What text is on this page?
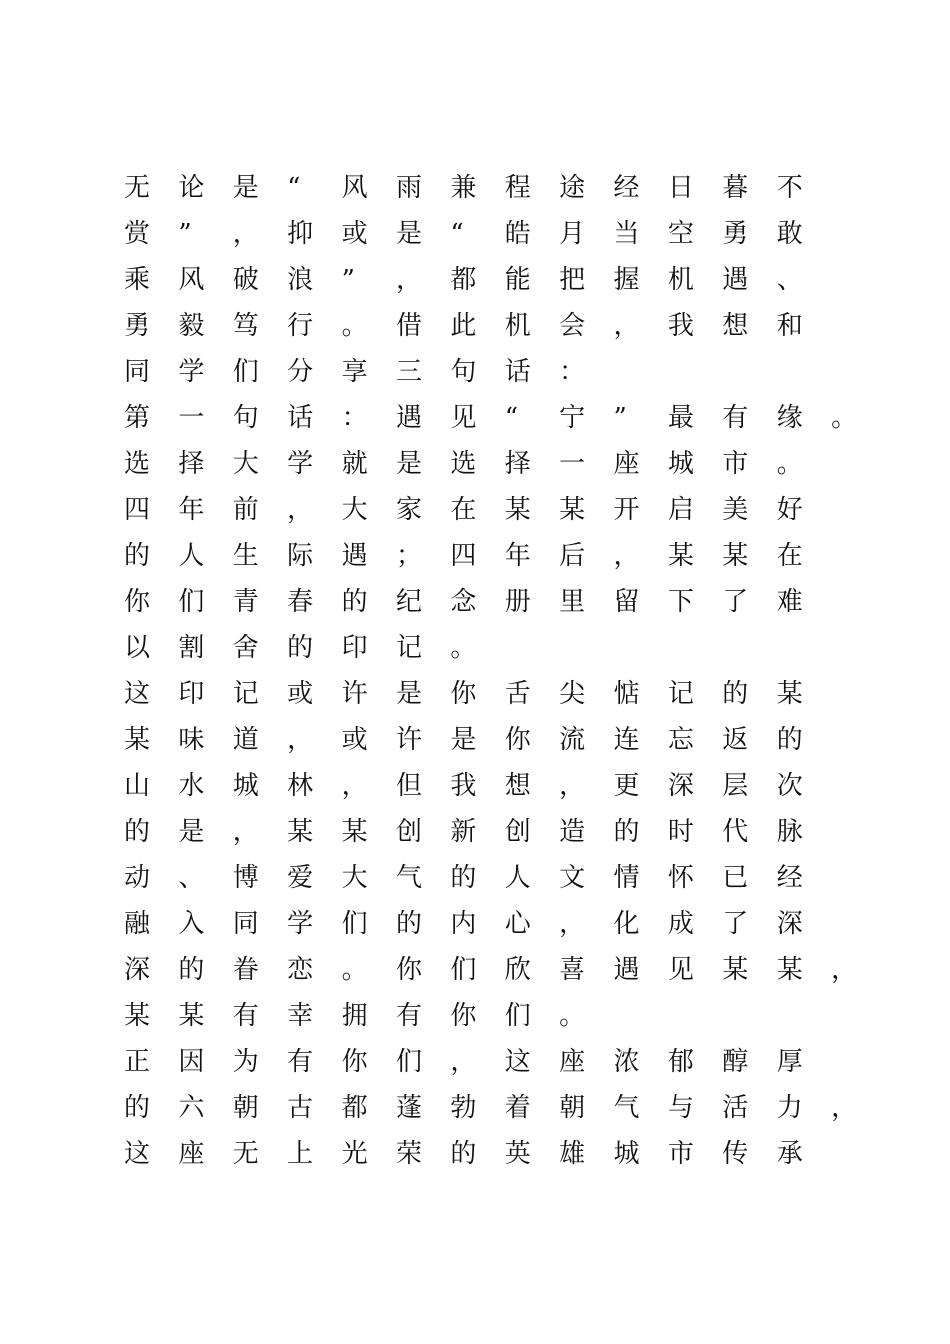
无	论	是	“	风	雨	兼	程	途	经	日	暮	不
赏	”	，	抑	或	是	“	皓	月	当	空	勇	敢
乘	风	破	浪	”	，	都	能	把	握	机	遇	、
勇	毅	笃	行	。	借	此	机	会	，	我	想	和
同	学	们	分	享	三	句	话	：
第	一	句	话	：	遇	见	“	宁	”	最	有	缘	。
选	择	大	学	就	是	选	择	一	座	城	市	。
四	年	前	，	大	家	在	某	某	开	启	美	好
的	人	生	际	遇	；	四	年	后	，	某	某	在
你	们	青	春	的	纪	念	册	里	留	下	了	难
以	割	舍	的	印	记	。
这	印	记	或	许	是	你	舌	尖	惦	记	的	某
某	味	道	，	或	许	是	你	流	连	忘	返	的
山	水	城	林	，	但	我	想	，	更	深	层	次
的	是	，	某	某	创	新	创	造	的	时	代	脉
动	、	博	爱	大	气	的	人	文	情	怀	已	经
融	入	同	学	们	的	内	心	，	化	成	了	深
深	的	眷	恋	。	你	们	欣	喜	遇	见	某	某	，
某	某	有	幸	拥	有	你	们	。
正	因	为	有	你	们	，	这	座	浓	郁	醇	厚
的	六	朝	古	都	蓬	勃	着	朝	气	与	活	力	，
这	座	无	上	光	荣	的	英	雄	城	市	传	承
